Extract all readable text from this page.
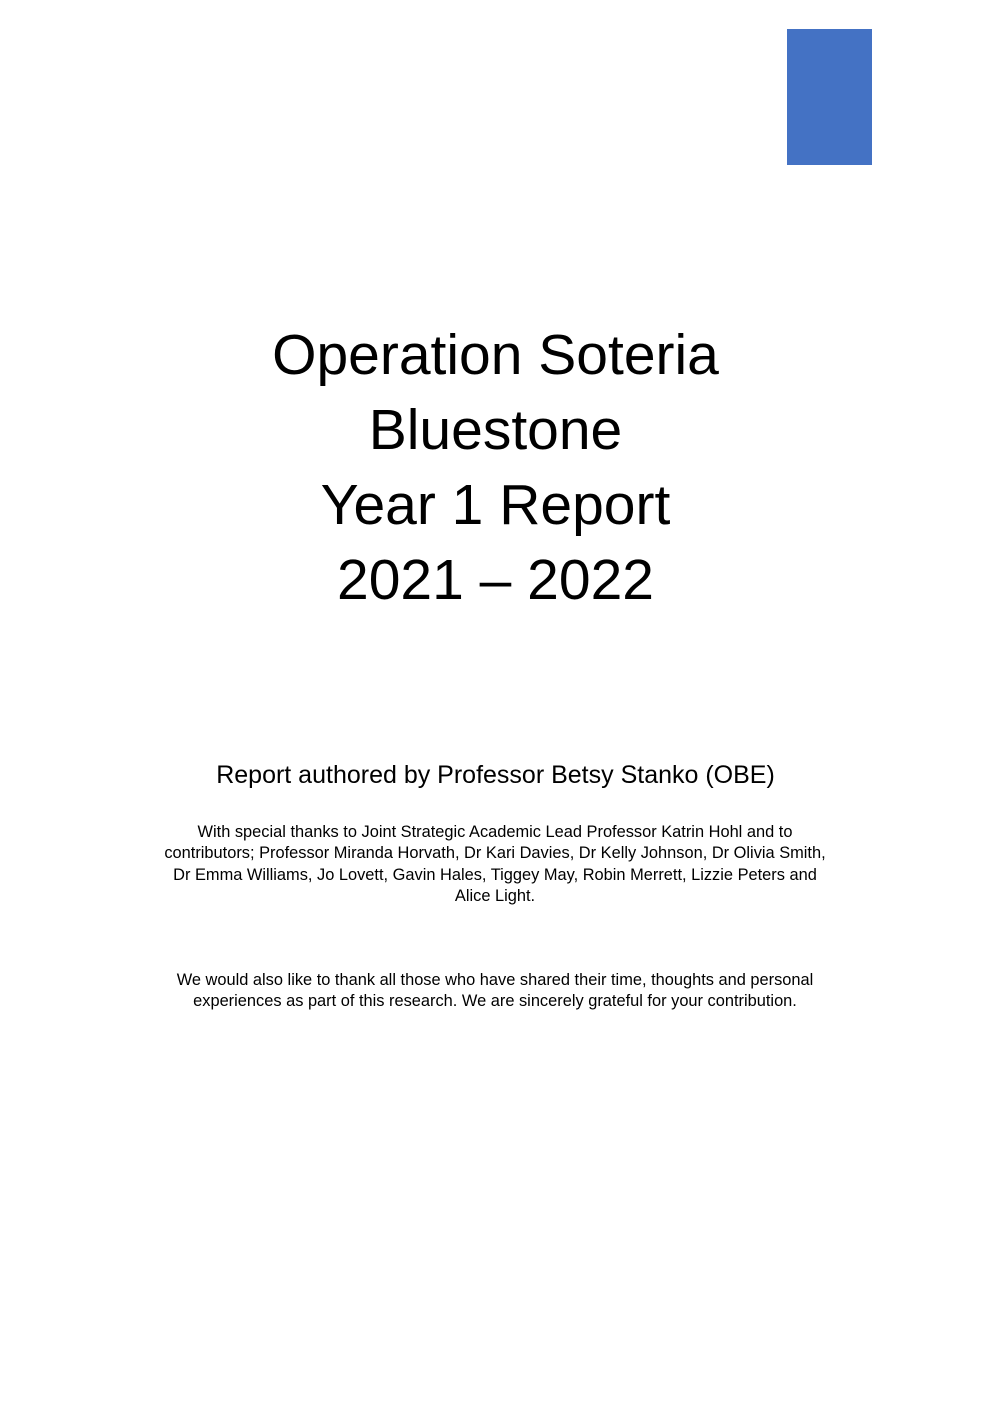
Operation Soteria
Bluestone
Year 1 Report
2021 – 2022
Report authored by Professor Betsy Stanko (OBE)
With special thanks to Joint Strategic Academic Lead Professor Katrin Hohl and to
contributors; Professor Miranda Horvath, Dr Kari Davies, Dr Kelly Johnson, Dr Olivia Smith,
Dr Emma Williams, Jo Lovett, Gavin Hales, Tiggey May, Robin Merrett, Lizzie Peters and
Alice Light.
We would also like to thank all those who have shared their time, thoughts and personal
experiences as part of this research. We are sincerely grateful for your contribution.
